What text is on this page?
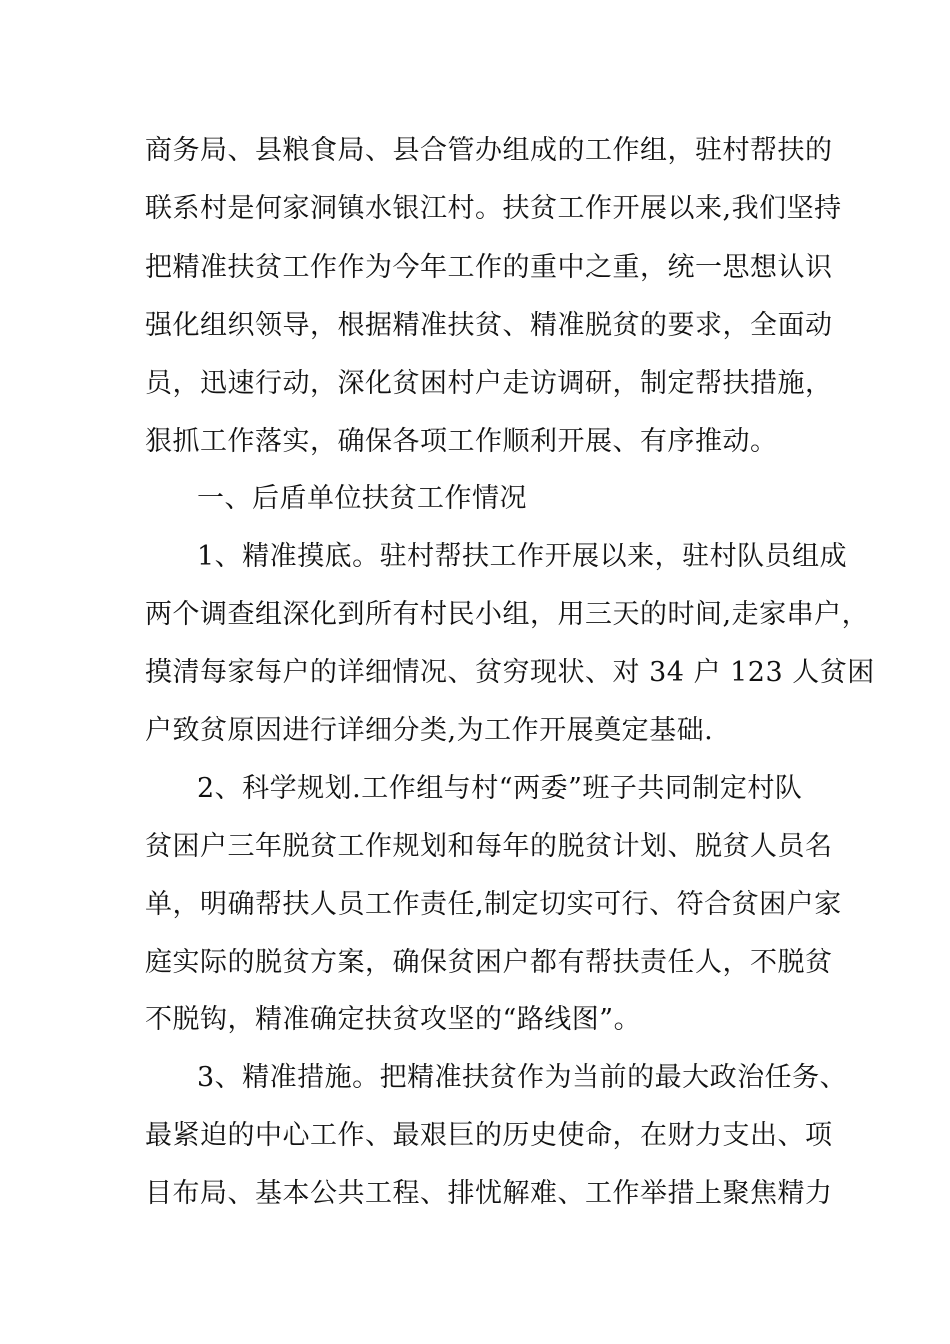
商务局、县粮食局、县合管办组成的工作组，驻村帮扶的
联系村是何家洞镇水银江村。扶贫工作开展以来,我们坚持
把精准扶贫工作作为今年工作的重中之重，统一思想认识
强化组织领导，根据精准扶贫、精准脱贫的要求，全面动
员，迅速行动，深化贫困村户走访调研，制定帮扶措施，
狠抓工作落实，确保各项工作顺利开展、有序推动。
一、后盾单位扶贫工作情况
1、精准摸底。驻村帮扶工作开展以来，驻村队员组成
两个调查组深化到所有村民小组，用三天的时间,走家串户，
摸清每家每户的详细情况、贫穷现状、对 34 户 123 人贫困
户致贫原因进行详细分类,为工作开展奠定基础.
2、科学规划.工作组与村“两委”班子共同制定村队
贫困户三年脱贫工作规划和每年的脱贫计划、脱贫人员名
单，明确帮扶人员工作责任,制定切实可行、符合贫困户家
庭实际的脱贫方案，确保贫困户都有帮扶责任人，不脱贫
不脱钩，精准确定扶贫攻坚的“路线图”。
3、精准措施。把精准扶贫作为当前的最大政治任务、
最紧迫的中心工作、最艰巨的历史使命，在财力支出、项
目布局、基本公共工程、排忧解难、工作举措上聚焦精力
